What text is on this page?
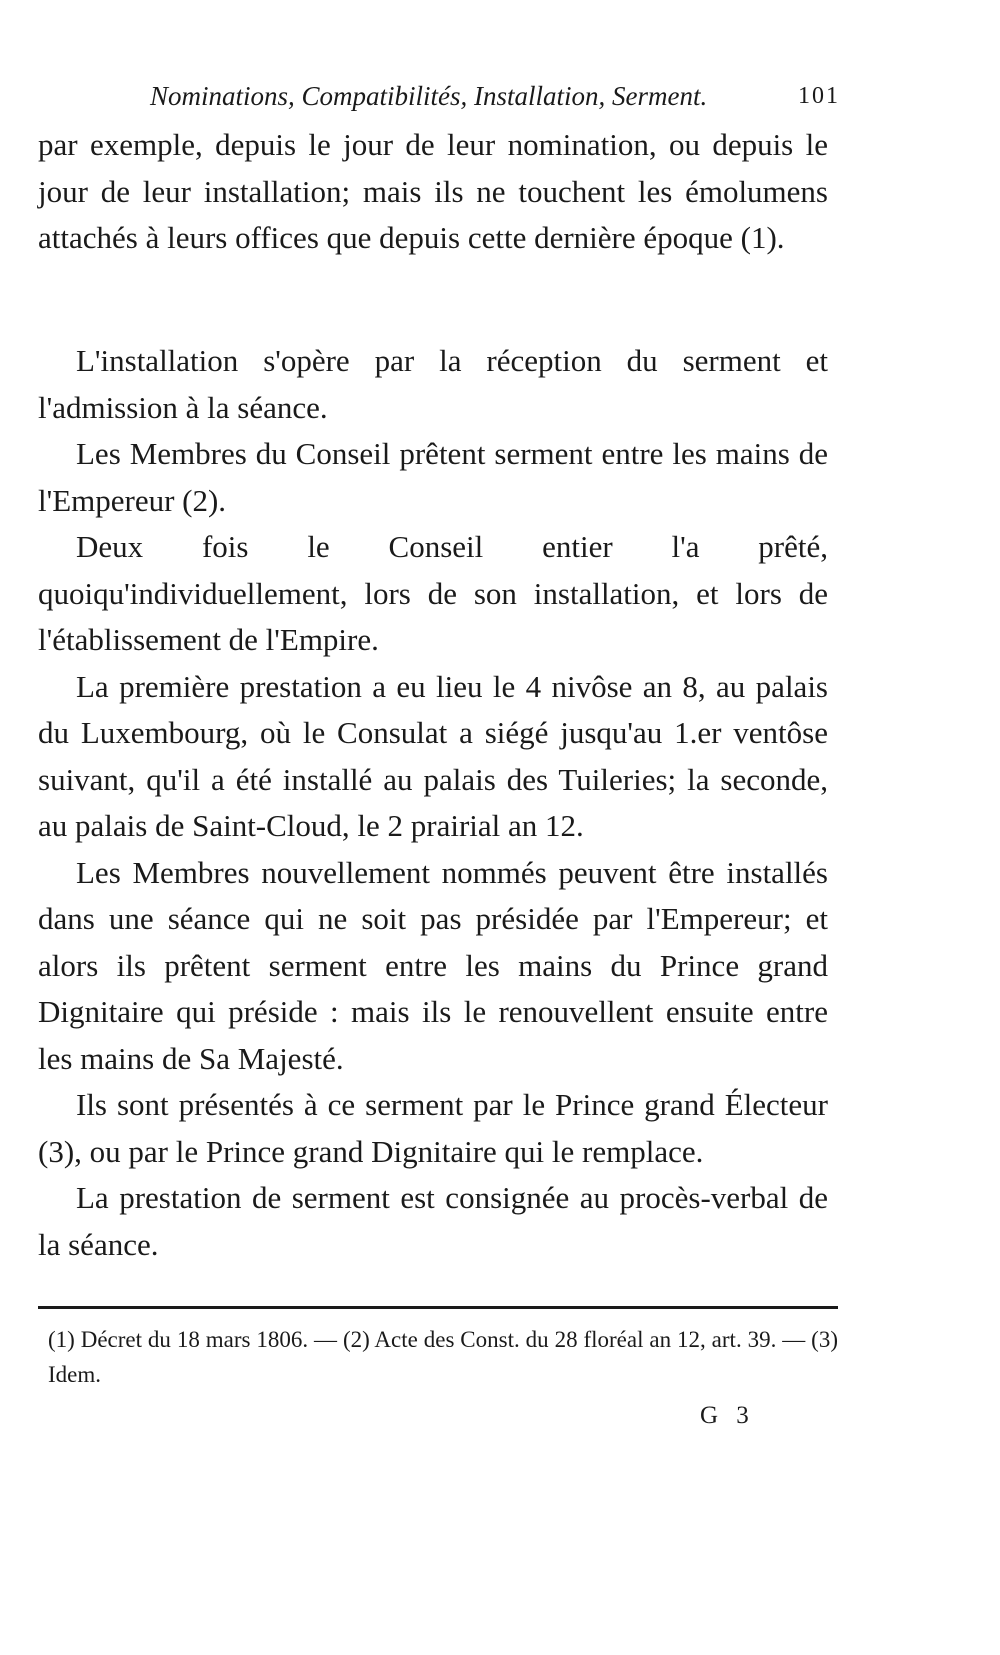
Nominations, Compatibilités, Installation, Serment.	101

par exemple, depuis le jour de leur nomination, ou depuis le jour de leur installation; mais ils ne touchent les émolumens attachés à leurs offices que depuis cette dernière époque (1).

L'installation s'opère par la réception du serment et l'admission à la séance.

Les Membres du Conseil prêtent serment entre les mains de l'Empereur (2).

Deux fois le Conseil entier l'a prêté, quoiqu'individuellement, lors de son installation, et lors de l'établissement de l'Empire.

La première prestation a eu lieu le 4 nivôse an 8, au palais du Luxembourg, où le Consulat a siégé jusqu'au 1.er ventôse suivant, qu'il a été installé au palais des Tuileries; la seconde, au palais de Saint-Cloud, le 2 prairial an 12.

Les Membres nouvellement nommés peuvent être installés dans une séance qui ne soit pas présidée par l'Empereur; et alors ils prêtent serment entre les mains du Prince grand Dignitaire qui préside : mais ils le renouvellent ensuite entre les mains de Sa Majesté.

Ils sont présentés à ce serment par le Prince grand Électeur (3), ou par le Prince grand Dignitaire qui le remplace.

La prestation de serment est consignée au procès-verbal de la séance.

(1) Décret du 18 mars 1806. — (2) Acte des Const. du 28 floréal an 12, art. 39. — (3) Idem.

G 3
